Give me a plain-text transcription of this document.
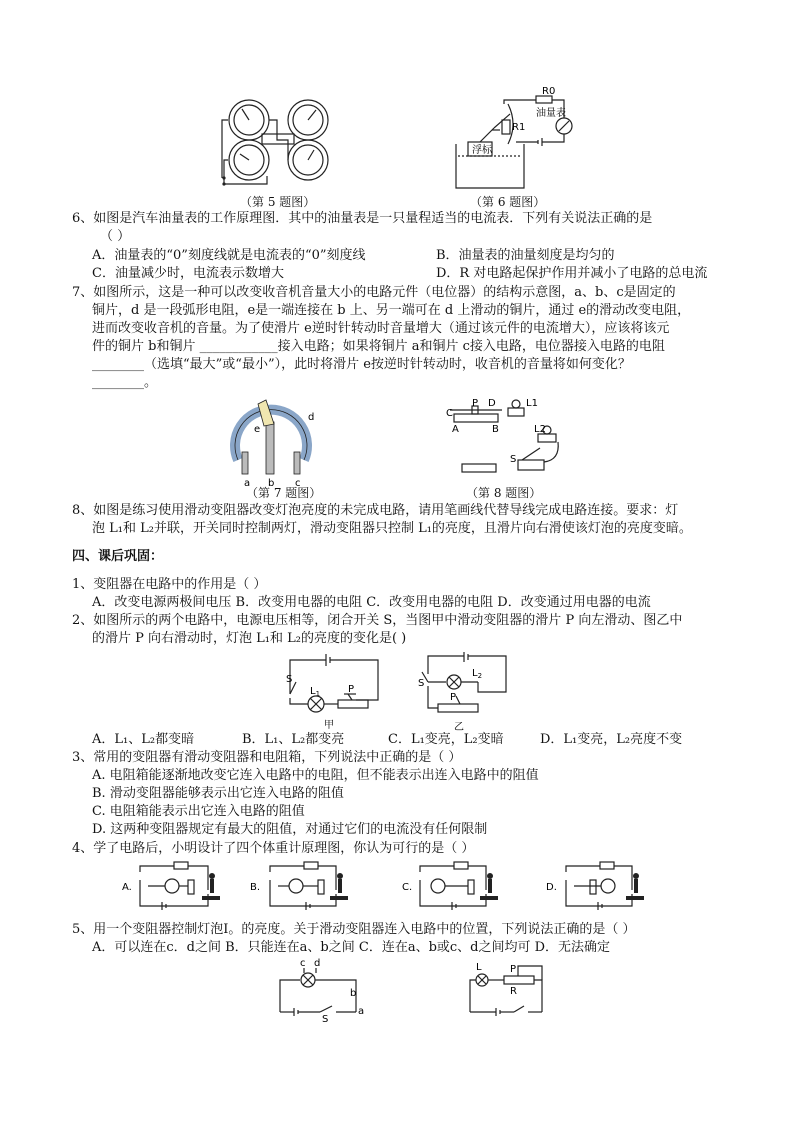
（第 5 题图）
浮标
油量表
R0
R1
（第 6 题图）
6、如图是汽车油量表的工作原理图．其中的油量表是一只量程适当的电流表．下列有关说法正确的是
（ ）
A．油量表的“0”刻度线就是电流表的“0”刻度线	B．油量表的油量刻度是均匀的
C．油量减少时，电流表示数增大	D．R 对电路起保护作用并减小了电路的总电流
7、如图所示，这是一种可以改变收音机音量大小的电路元件（电位器）的结构示意图，a、b、c是固定的
铜片，d 是一段弧形电阻，e是一端连接在 b 上、另一端可在 d 上滑动的铜片，通过 e的滑动改变电阻，
进而改变收音机的音量。为了使滑片 e逆时针转动时音量增大（通过该元件的电流增大），应该将该元
件的铜片 b和铜片 ____________接入电路；如果将铜片 a和铜片 c接入电路，电位器接入电路的电阻
________（选填“最大”或“最小”），此时将滑片 e按逆时针转动时，收音机的音量将如何变化？
________。
a b c
d
e
（第 7 题图）
L1
L2
S
C
P D
A	B
（第 8 题图）
8、如图是练习使用滑动变阻器改变灯泡亮度的未完成电路，请用笔画线代替导线完成电路连接。要求：灯
泡 L₁和 L₂并联，开关同时控制两灯，滑动变阻器只控制 L₁的亮度，且滑片向右滑使该灯泡的亮度变暗。
四、课后巩固：
1、变阻器在电路中的作用是（ ）
A．改变电源两极间电压 B．改变用电器的电阻 C．改变用电器的电阻 D．改变通过用电器的电流
2、如图所示的两个电路中，电源电压相等，闭合开关 S，当图甲中滑动变阻器的滑片 P 向左滑动、图乙中
的滑片 P 向右滑动时，灯泡 L₁和 L₂的亮度的变化是( )
S
$L_1$	P
甲
S
$L_2$
P
乙
A．L₁、L₂都变暗	B．L₁、L₂都变亮	C．L₁变亮，L₂变暗	D．L₁变亮，L₂亮度不变
3、常用的变阻器有滑动变阻器和电阻箱，下列说法中正确的是（ ）
A. 电阻箱能逐渐地改变它连入电路中的电阻，但不能表示出连入电路中的阻值
B. 滑动变阻器能够表示出它连入电路的阻值
C. 电阻箱能表示出它连入电路的阻值
D. 这两种变阻器规定有最大的阻值，对通过它们的电流没有任何限制
4、学了电路后，小明设计了四个体重计原理图，你认为可行的是（ ）
A.	B.	C.	D.
5、用一个变阻器控制灯泡Ⅰ。的亮度。关于滑动变阻器连入电路中的位置，下列说法正确的是（ ）
A．可以连在c．d之间 B．只能连在a、b之间 C．连在a、b或c、d之间均可 D．无法确定
c d
b
a
S
L	P
R
